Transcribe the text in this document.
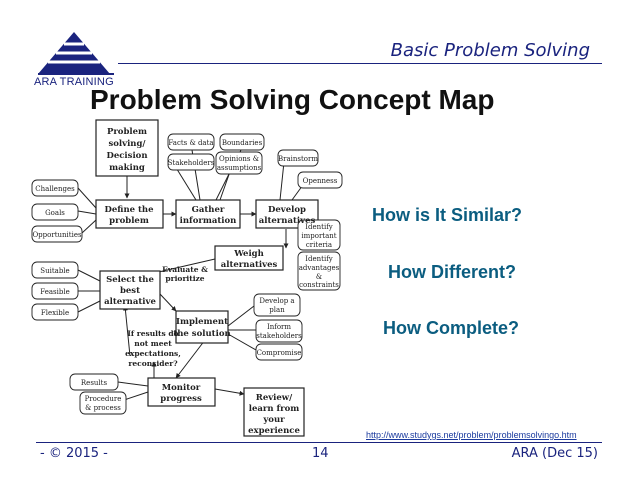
ARA TRAINING
Basic Problem Solving
Problem Solving Concept Map
Problem
solving/
Decision
making
Define the
problem
Gather
information
Develop
alternatives
Weigh
alternatives
Select the
best
alternative
Implement
the solution
Monitor
progress	Review/
learn from
your
experience
If results do
not meet
expectations,
reconsider?
Evaluate &
prioritize
Challenges
Goals
Opportunities
Facts & data Boundaries
Stakeholders Opinions &
assumptions
Brainstorm
Openness
Identify
important
criteria
Identify
advantages
&
constraints
Suitable
Feasible
Flexible
Develop a
plan
Inform
stakeholders
Compromise
Results
Procedure
& process
How is It Similar?
How Different?
How Complete?
http://www.studygs.net/problem/problemsolvingo.htm
- © 2015 -	14	ARA (Dec 15)
